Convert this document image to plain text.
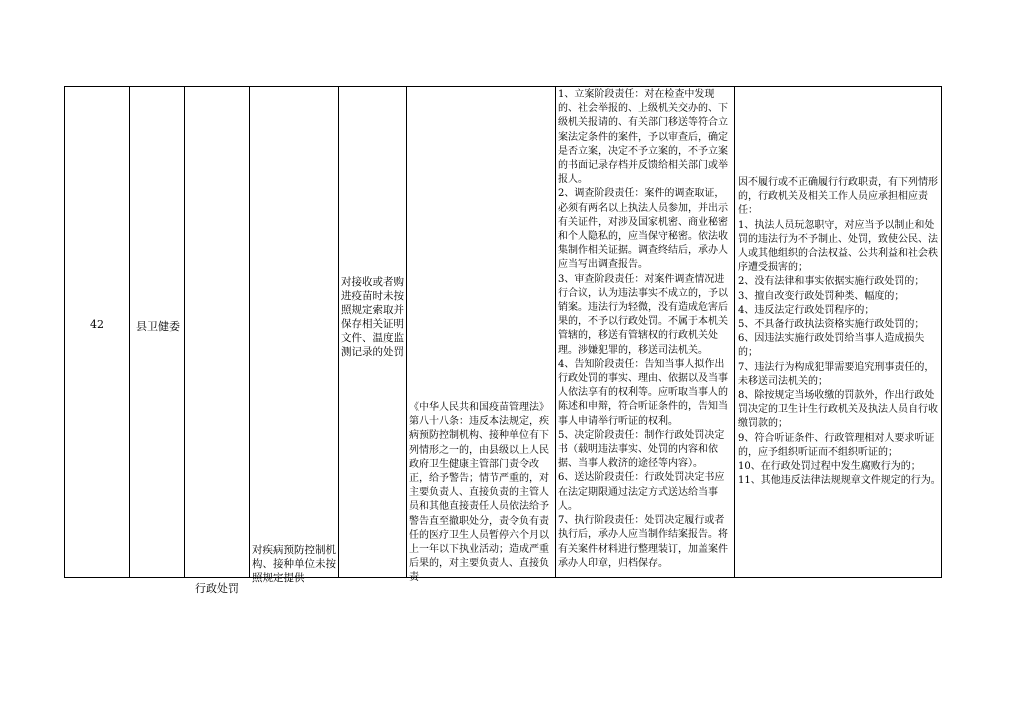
42	县卫健委
行政处罚
对疾病预防控制机构、接种单位未按照规定提供
对接收或者购进疫苗时未按照规定索取并保存相关证明文件、温度监测记录的处罚
《中华人民共和国疫苗管理法》第八十八条：违反本法规定，疾病预防控制机构、接种单位有下列情形之一的，由县级以上人民政府卫生健康主管部门责令改正，给予警告；情节严重的，对主要负责人、直接负责的主管人员和其他直接责任人员依法给予警告直至撤职处分，责令负有责任的医疗卫生人员暂停六个月以上一年以下执业活动；造成严重后果的，对主要负责人、直接负责
1、立案阶段责任：对在检查中发现的、社会举报的、上级机关交办的、下级机关报请的、有关部门移送等符合立案法定条件的案件，予以审查后，确定是否立案，决定不予立案的，不予立案的书面记录存档并反馈给相关部门或举报人。
2、调查阶段责任：案件的调查取证，必须有两名以上执法人员参加，并出示有关证件，对涉及国家机密、商业秘密和个人隐私的，应当保守秘密。依法收集制作相关证据。调查终结后，承办人应当写出调查报告。
3、审查阶段责任：对案件调查情况进行合议，认为违法事实不成立的，予以销案。违法行为轻微，没有造成危害后果的，不予以行政处罚。不属于本机关管辖的，移送有管辖权的行政机关处理。涉嫌犯罪的，移送司法机关。
4、告知阶段责任：告知当事人拟作出行政处罚的事实、理由、依据以及当事人依法享有的权利等。应听取当事人的陈述和申辩，符合听证条件的，告知当事人申请举行听证的权利。
5、决定阶段责任：制作行政处罚决定书（载明违法事实、处罚的内容和依据、当事人救济的途径等内容）。
6、送达阶段责任：行政处罚决定书应在法定期限通过法定方式送达给当事人。
7、执行阶段责任：处罚决定履行或者执行后，承办人应当制作结案报告。将有关案件材料进行整理装订，加盖案件承办人印章，归档保存。
因不履行或不正确履行行政职责，有下列情形的，行政机关及相关工作人员应承担相应责任：
1、执法人员玩忽职守，对应当予以制止和处罚的违法行为不予制止、处罚，致使公民、法人或其他组织的合法权益、公共利益和社会秩序遭受损害的；
2、没有法律和事实依据实施行政处罚的；
3、擅自改变行政处罚种类、幅度的；
4、违反法定行政处罚程序的；
5、不具备行政执法资格实施行政处罚的；
6、因违法实施行政处罚给当事人造成损失的；
7、违法行为构成犯罪需要追究刑事责任的，未移送司法机关的；
8、除按规定当场收缴的罚款外，作出行政处罚决定的卫生计生行政机关及执法人员自行收缴罚款的；
9、符合听证条件、行政管理相对人要求听证的，应予组织听证而不组织听证的；
10、在行政处罚过程中发生腐败行为的；
11、其他违反法律法规规章文件规定的行为。
